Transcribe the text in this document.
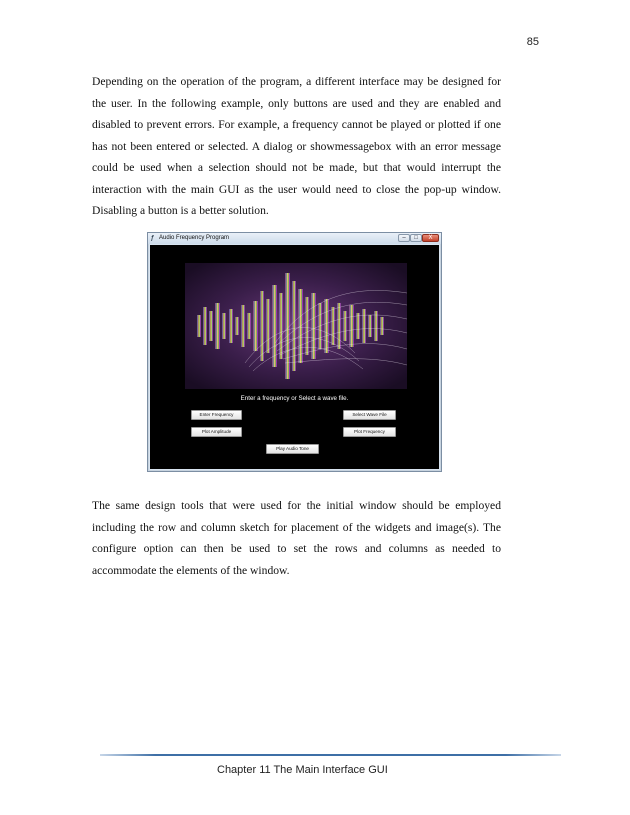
85

Depending on the operation of the program, a different interface may be designed for the user. In the following example, only buttons are used and they are enabled and disabled to prevent errors. For example, a frequency cannot be played or plotted if one has not been entered or selected. A dialog or showmessagebox with an error message could be used when a selection should not be made, but that would interrupt the interaction with the main GUI as the user would need to close the pop-up window. Disabling a button is a better solution.

f Audio Frequency Program	–	□	X
Enter a frequency or Select a wave file.
Enter Frequency	Select Wave File
Plot Amplitude	Plot Frequency
Play Audio Tone

The same design tools that were used for the initial window should be employed including the row and column sketch for placement of the widgets and image(s). The configure option can then be used to set the rows and columns as needed to accommodate the elements of the window.

Chapter 11 The Main Interface GUI
